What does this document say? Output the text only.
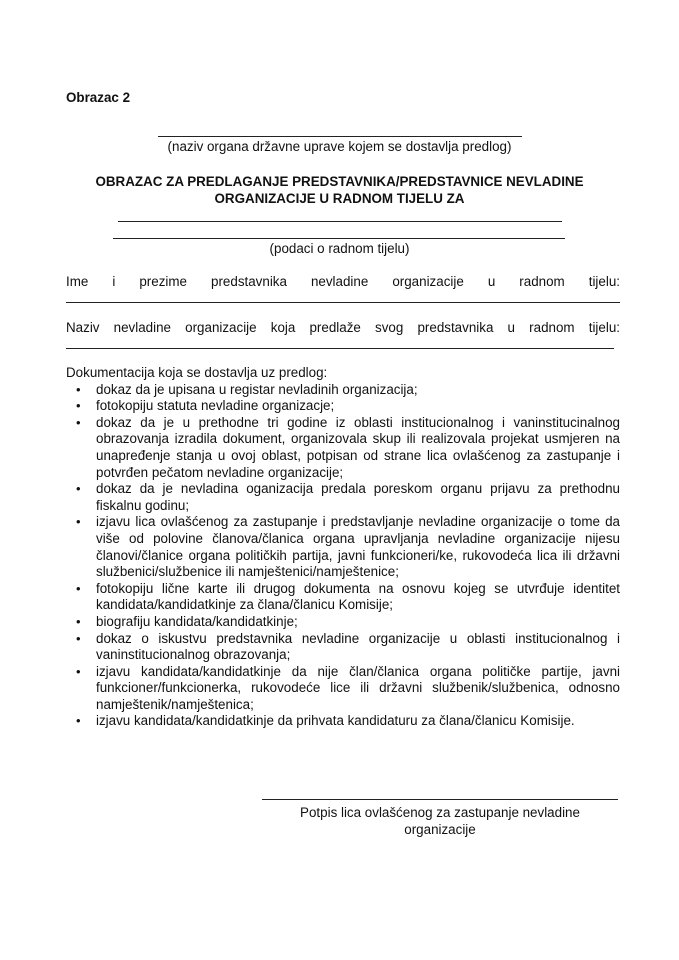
Obrazac 2
(naziv organa državne uprave kojem se dostavlja predlog)
OBRAZAC ZA PREDLAGANJE PREDSTAVNIKA/PREDSTAVNICE NEVLADINE
ORGANIZACIJE U RADNOM TIJELU ZA
(podaci o radnom tijelu)
Ime i prezime predstavnika nevladine organizacije u radnom tijelu:
Naziv nevladine organizacije koja predlaže svog predstavnika u radnom tijelu:

Dokumentacija koja se dostavlja uz predlog:

• dokaz da je upisana u registar nevladinih organizacija;
• fotokopiju statuta nevladine organizacje;
• dokaz da je u prethodne tri godine iz oblasti institucionalnog i vaninstitucinalnog obrazovanja izradila dokument, organizovala skup ili realizovala projekat usmjeren na unapređenje stanja u ovoj oblast, potpisan od strane lica ovlašćenog za zastupanje i potvrđen pečatom nevladine organizacije;
• dokaz da je nevladina oganizacija predala poreskom organu prijavu za prethodnu fiskalnu godinu;
• izjavu lica ovlašćenog za zastupanje i predstavljanje nevladine organizacije o tome da više od polovine članova/članica organa upravljanja nevladine organizacije nijesu članovi/članice organa političkih partija, javni funkcioneri/ke, rukovodeća lica ili državni službenici/službenice ili namještenici/namještenice;
• fotokopiju lične karte ili drugog dokumenta na osnovu kojeg se utvrđuje identitet kandidata/kandidatkinje za člana/članicu Komisije;
• biografiju kandidata/kandidatkinje;
• dokaz o iskustvu predstavnika nevladine organizacije u oblasti institucionalnog i vaninstitucionalnog obrazovanja;
• izjavu kandidata/kandidatkinje da nije član/članica organa političke partije, javni funkcioner/funkcionerka, rukovodeće lice ili državni službenik/službenica, odnosno namještenik/namještenica;
• izjavu kandidata/kandidatkinje da prihvata kandidaturu za člana/članicu Komisije.
Potpis lica ovlašćenog za zastupanje nevladine
organizacije
